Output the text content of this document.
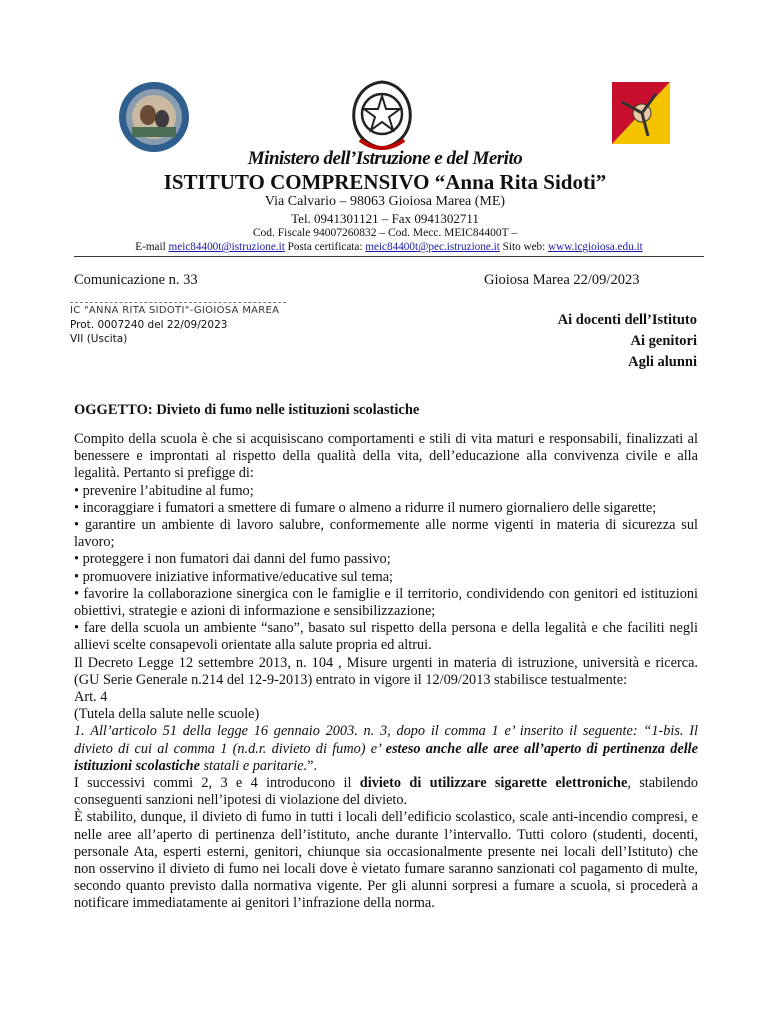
Ministero dell’Istruzione e del Merito
ISTITUTO COMPRENSIVO “Anna Rita Sidoti”
Via Calvario – 98063 Gioiosa Marea (ME)
Tel. 0941301121 – Fax 0941302711
Cod. Fiscale 94007260832 – Cod. Mecc. MEIC84400T –
E-mail meic84400t@istruzione.it Posta certificata: meic84400t@pec.istruzione.it Sito web: www.icgioiosa.edu.it
Comunicazione n. 33	Gioiosa Marea 22/09/2023
IC "ANNA RITA SIDOTI"-GIOIOSA MAREA
Prot. 0007240 del 22/09/2023
VII (Uscita)
Ai docenti dell’Istituto
Ai genitori
Agli alunni
OGGETTO: Divieto di fumo nelle istituzioni scolastiche

Compito della scuola è che si acquisiscano comportamenti e stili di vita maturi e responsabili, finalizzati al benessere e improntati al rispetto della qualità della vita, dell’educazione alla convivenza civile e alla legalità. Pertanto si prefigge di:

• prevenire l’abitudine al fumo;

• incoraggiare i fumatori a smettere di fumare o almeno a ridurre il numero giornaliero delle sigarette;

• garantire un ambiente di lavoro salubre, conformemente alle norme vigenti in materia di sicurezza sul lavoro;

• proteggere i non fumatori dai danni del fumo passivo;

• promuovere iniziative informative/educative sul tema;

• favorire la collaborazione sinergica con le famiglie e il territorio, condividendo con genitori ed istituzioni obiettivi, strategie e azioni di informazione e sensibilizzazione;

• fare della scuola un ambiente “sano”, basato sul rispetto della persona e della legalità e che faciliti negli allievi scelte consapevoli orientate alla salute propria ed altrui.

Il Decreto Legge 12 settembre 2013, n. 104 , Misure urgenti in materia di istruzione, università e ricerca. (GU Serie Generale n.214 del 12-9-2013) entrato in vigore il 12/09/2013 stabilisce testualmente:

Art. 4

(Tutela della salute nelle scuole)

1. All’articolo 51 della legge 16 gennaio 2003. n. 3, dopo il comma 1 e’ inserito il seguente: “1-bis. Il divieto di cui al comma 1 (n.d.r. divieto di fumo) e’ esteso anche alle aree all’aperto di pertinenza delle istituzioni scolastiche statali e paritarie.”.

I successivi commi 2, 3 e 4 introducono il divieto di utilizzare sigarette elettroniche, stabilendo conseguenti sanzioni nell’ipotesi di violazione del divieto.

È stabilito, dunque, il divieto di fumo in tutti i locali dell’edificio scolastico, scale anti-incendio compresi, e nelle aree all’aperto di pertinenza dell’istituto, anche durante l’intervallo. Tutti coloro (studenti, docenti, personale Ata, esperti esterni, genitori, chiunque sia occasionalmente presente nei locali dell’Istituto) che non osservino il divieto di fumo nei locali dove è vietato fumare saranno sanzionati col pagamento di multe, secondo quanto previsto dalla normativa vigente. Per gli alunni sorpresi a fumare a scuola, si procederà a notificare immediatamente ai genitori l’infrazione della norma.
